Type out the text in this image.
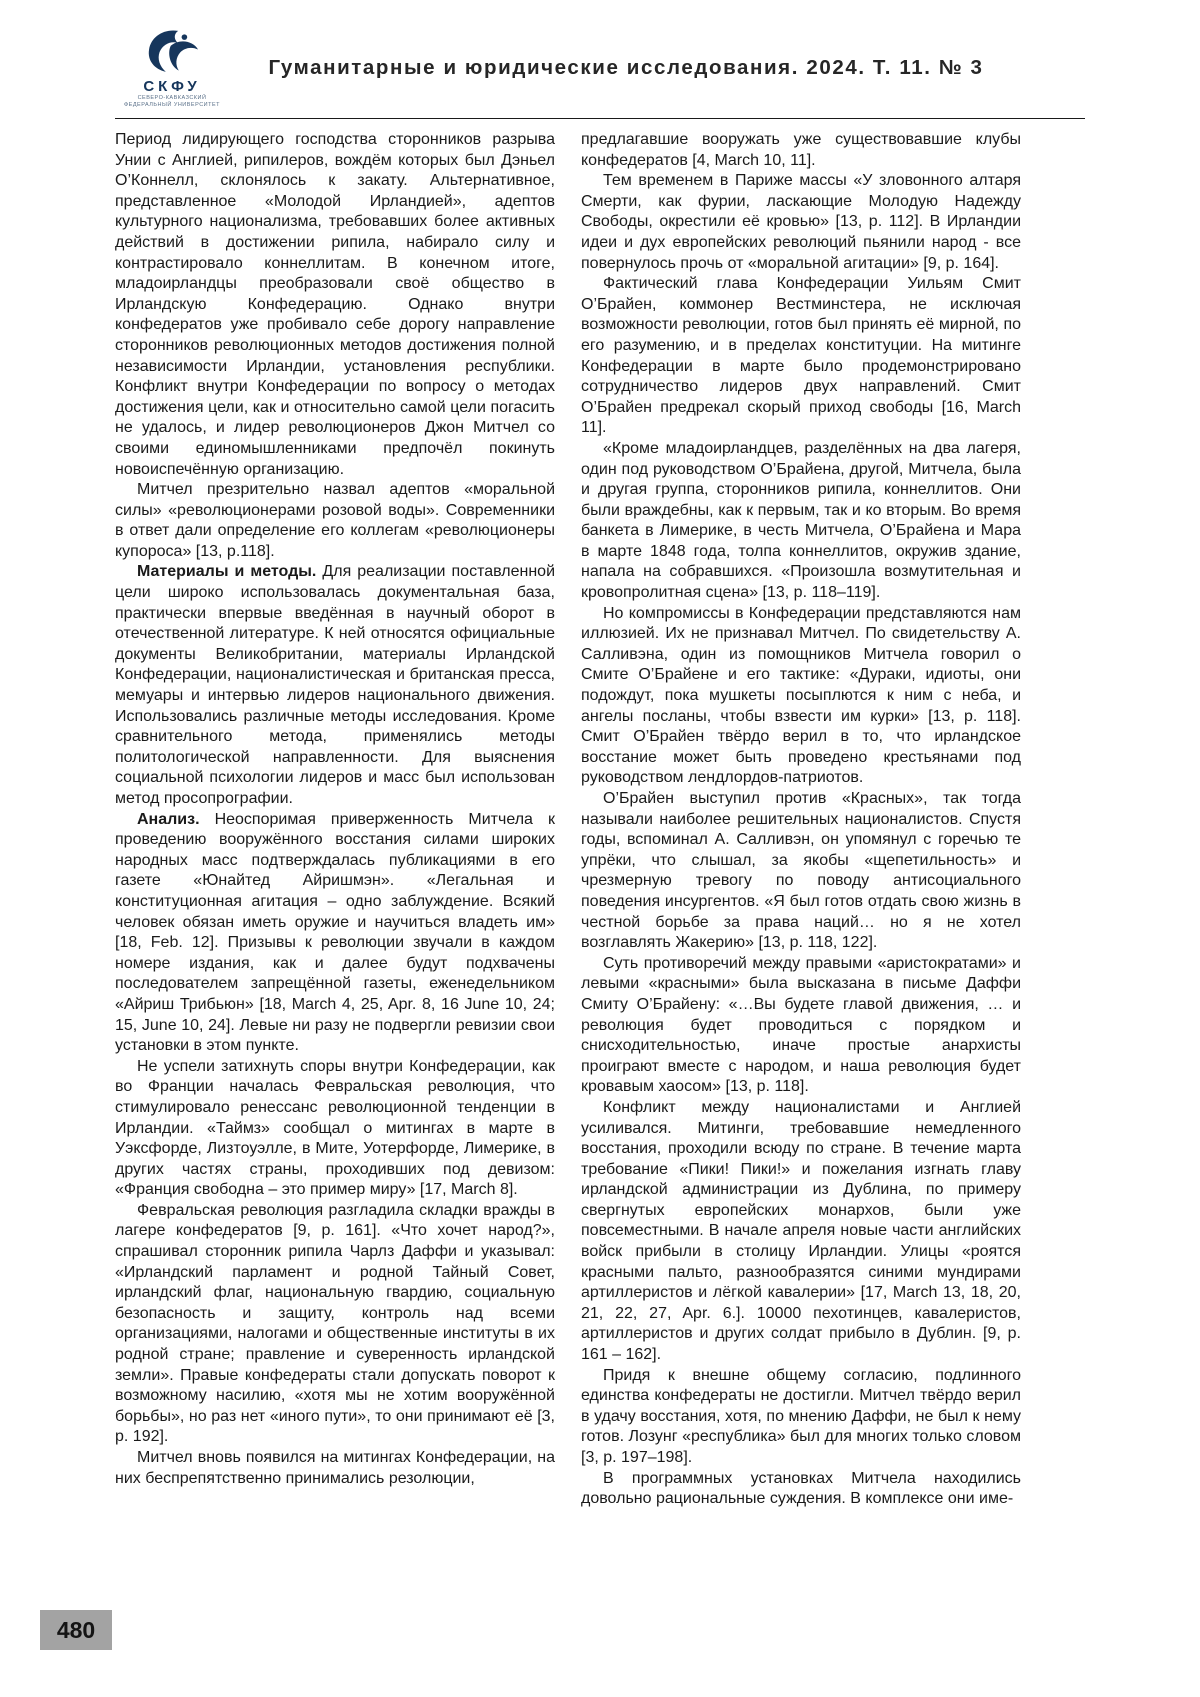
СКФУ
СЕВЕРО-КАВКАЗСКИЙ
ФЕДЕРАЛЬНЫЙ УНИВЕРСИТЕТ
Гуманитарные и юридические исследования. 2024. Т. 11. № 3

Период лидирующего господства сторонников разрыва Унии с Англией, рипилеров, вождём которых был Дэньел О’Коннелл, склонялось к закату. Альтернативное, представленное «Молодой Ирландией», адептов культурного национализма, требовавших более активных действий в достижении рипила, набирало силу и контрастировало коннеллитам. В конечном итоге, младоирландцы преобразовали своё общество в Ирландскую Конфедерацию. Однако внутри конфедератов уже пробивало себе дорогу направление сторонников революционных методов достижения полной независимости Ирландии, установления республики. Конфликт внутри Конфедерации по вопросу о методах достижения цели, как и относительно самой цели погасить не удалось, и лидер революционеров Джон Митчел со своими единомышленниками предпочёл покинуть новоиспечённую организацию.

Митчел презрительно назвал адептов «моральной силы» «революционерами розовой воды». Современники в ответ дали определение его коллегам «революционеры купороса» [13, p.118].

Материалы и методы. Для реализации поставленной цели широко использовалась документальная база, практически впервые введённая в научный оборот в отечественной литературе. К ней относятся официальные документы Великобритании, материалы Ирландской Конфедерации, националистическая и британская пресса, мемуары и интервью лидеров национального движения. Использовались различные методы исследования. Кроме сравнительного метода, применялись методы политологической направленности. Для выяснения социальной психологии лидеров и масс был использован метод просопрографии.

Анализ. Неоспоримая приверженность Митчела к проведению вооружённого восстания силами широких народных масс подтверждалась публикациями в его газете «Юнайтед Айришмэн». «Легальная и конституционная агитация – одно заблуждение. Всякий человек обязан иметь оружие и научиться владеть им» [18, Feb. 12]. Призывы к революции звучали в каждом номере издания, как и далее будут подхвачены последователем запрещённой газеты, еженедельником «Айриш Трибьюн» [18, March 4, 25, Apr. 8, 16 June 10, 24; 15, June 10, 24]. Левые ни разу не подвергли ревизии свои установки в этом пункте.

Не успели затихнуть споры внутри Конфедерации, как во Франции началась Февральская революция, что стимулировало ренессанс революционной тенденции в Ирландии. «Таймз» сообщал о митингах в марте в Уэксфорде, Лизтоуэлле, в Мите, Уотерфорде, Лимерике, в других частях страны, проходивших под девизом: «Франция свободна – это пример миру» [17, March 8].

Февральская революция разгладила складки вражды в лагере конфедератов [9, p. 161]. «Что хочет народ?», спрашивал сторонник рипила Чарлз Даффи и указывал: «Ирландский парламент и родной Тайный Совет, ирландский флаг, национальную гвардию, социальную безопасность и защиту, контроль над всеми организациями, налогами и общественные институты в их родной стране; правление и суверенность ирландской земли». Правые конфедераты стали допускать поворот к возможному насилию, «хотя мы не хотим вооружённой борьбы», но раз нет «иного пути», то они принимают её [3, p. 192].

Митчел вновь появился на митингах Конфедерации, на них беспрепятственно принимались резолюции,

предлагавшие вооружать уже существовавшие клубы конфедератов [4, March 10, 11].

Тем временем в Париже массы «У зловонного алтаря Смерти, как фурии, ласкающие Молодую Надежду Свободы, окрестили её кровью» [13, p. 112]. В Ирландии идеи и дух европейских революций пьянили народ - все повернулось прочь от «моральной агитации» [9, p. 164].

Фактический глава Конфедерации Уильям Смит О’Брайен, коммонер Вестминстера, не исключая возможности революции, готов был принять её мирной, по его разумению, и в пределах конституции. На митинге Конфедерации в марте было продемонстрировано сотрудничество лидеров двух направлений. Смит О’Брайен предрекал скорый приход свободы [16, March 11].

«Кроме младоирландцев, разделённых на два лагеря, один под руководством О’Брайена, другой, Митчела, была и другая группа, сторонников рипила, коннеллитов. Они были враждебны, как к первым, так и ко вторым. Во время банкета в Лимерике, в честь Митчела, О’Брайена и Мара в марте 1848 года, толпа коннеллитов, окружив здание, напала на собравшихся. «Произошла возмутительная и кровопролитная сцена» [13, p. 118–119].

Но компромиссы в Конфедерации представляются нам иллюзией. Их не признавал Митчел. По свидетельству А. Салливэна, один из помощников Митчела говорил о Смите О’Брайене и его тактике: «Дураки, идиоты, они подождут, пока мушкеты посыплются к ним с неба, и ангелы посланы, чтобы взвести им курки» [13, p. 118]. Смит О’Брайен твёрдо верил в то, что ирландское восстание может быть проведено крестьянами под руководством лендлордов-патриотов.

О’Брайен выступил против «Красных», так тогда называли наиболее решительных националистов. Спустя годы, вспоминал А. Салливэн, он упомянул с горечью те упрёки, что слышал, за якобы «щепетильность» и чрезмерную тревогу по поводу антисоциального поведения инсургентов. «Я был готов отдать свою жизнь в честной борьбе за права наций… но я не хотел возглавлять Жакерию» [13, p. 118, 122].

Суть противоречий между правыми «аристократами» и левыми «красными» была высказана в письме Даффи Смиту О’Брайену: «…Вы будете главой движения, … и революция будет проводиться с порядком и снисходительностью, иначе простые анархисты проиграют вместе с народом, и наша революция будет кровавым хаосом» [13, p. 118].

Конфликт между националистами и Англией усиливался. Митинги, требовавшие немедленного восстания, проходили всюду по стране. В течение марта требование «Пики! Пики!» и пожелания изгнать главу ирландской администрации из Дублина, по примеру свергнутых европейских монархов, были уже повсеместными. В начале апреля новые части английских войск прибыли в столицу Ирландии. Улицы «роятся красными пальто, разнообразятся синими мундирами артиллеристов и лёгкой кавалерии» [17, March 13, 18, 20, 21, 22, 27, Apr. 6.]. 10000 пехотинцев, кавалеристов, артиллеристов и других солдат прибыло в Дублин. [9, p. 161 – 162].

Придя к внешне общему согласию, подлинного единства конфедераты не достигли. Митчел твёрдо верил в удачу восстания, хотя, по мнению Даффи, не был к нему готов. Лозунг «республика» был для многих только словом [3, p. 197–198].

В программных установках Митчела находились довольно рациональные суждения. В комплексе они име-

480
